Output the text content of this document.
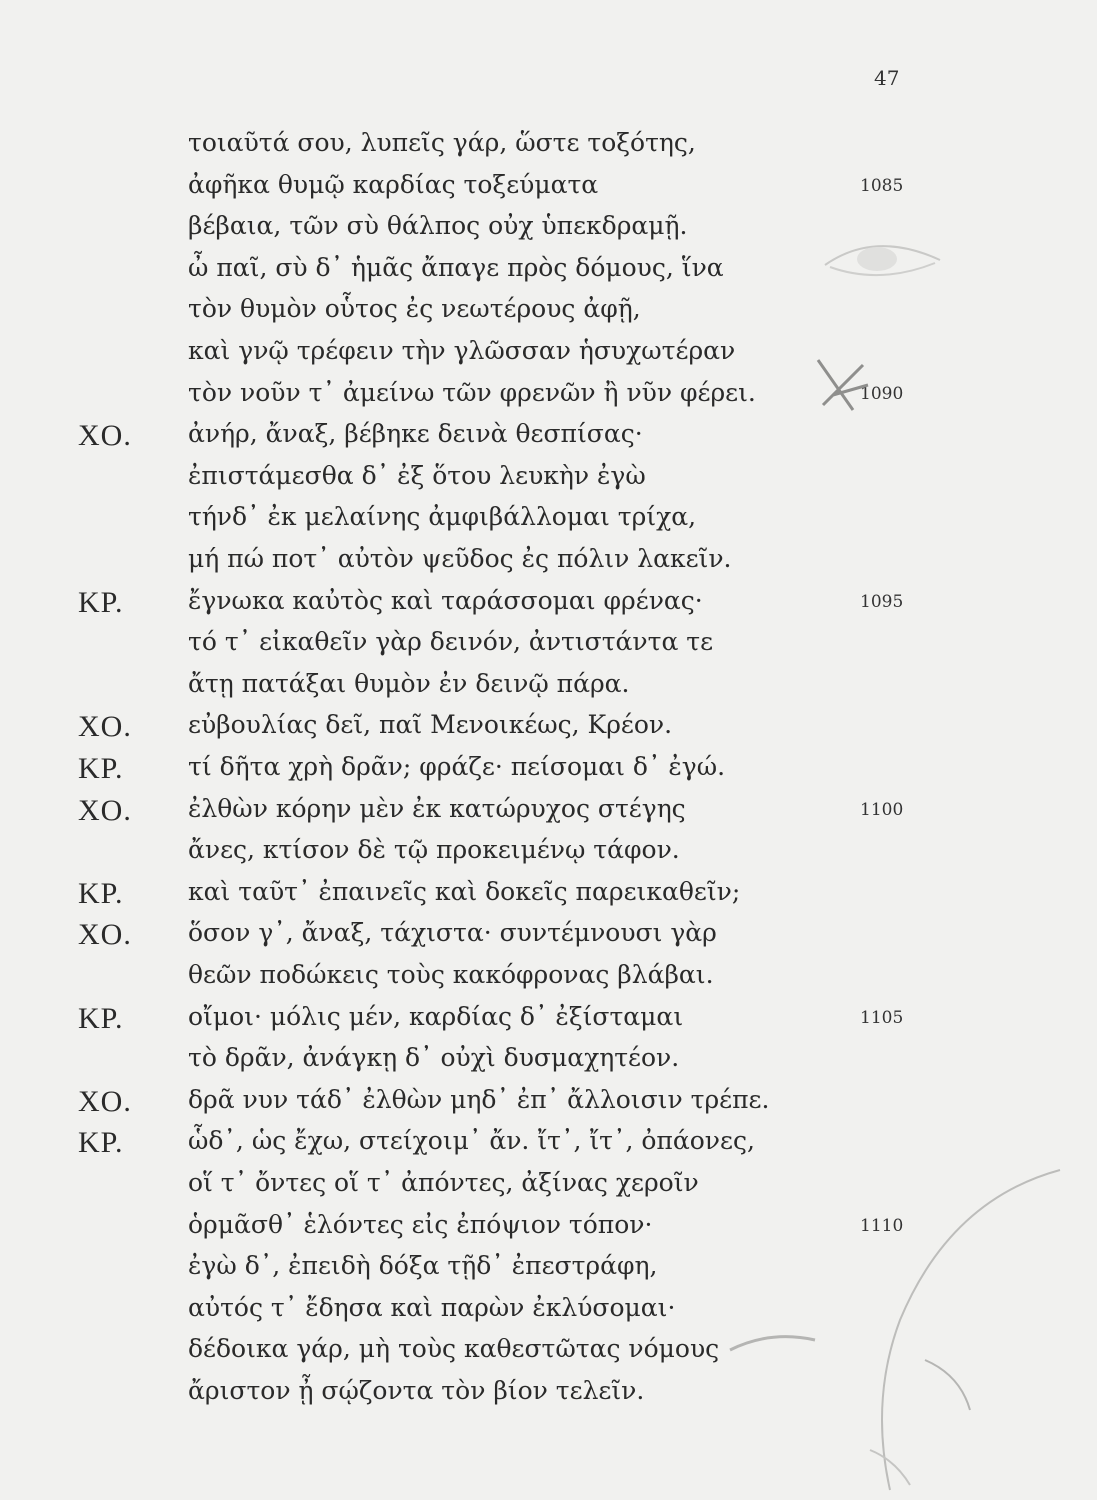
47
τοιαῦτά σου, λυπεῖς γάρ, ὥστε τοξότης,
ἀφῆκα θυμῷ καρδίας τοξεύματα	1085
βέβαια, τῶν σὺ θάλπος οὐχ ὑπεκδραμῇ.
ὦ παῖ, σὺ δ᾽ ἡμᾶς ἄπαγε πρὸς δόμους, ἵνα
τὸν θυμὸν οὗτος ἐς νεωτέρους ἀφῇ,
καὶ γνῷ τρέφειν τὴν γλῶσσαν ἡσυχωτέραν
τὸν νοῦν τ᾽ ἀμείνω τῶν φρενῶν ἢ νῦν φέρει.	1090
ΧΟ. ἀνήρ, ἄναξ, βέβηκε δεινὰ θεσπίσας·
ἐπιστάμεσθα δ᾽ ἐξ ὅτου λευκὴν ἐγὼ
τήνδ᾽ ἐκ μελαίνης ἀμφιβάλλομαι τρίχα,
μή πώ ποτ᾽ αὐτὸν ψεῦδος ἐς πόλιν λακεῖν.
ΚΡ.	ἔγνωκα καὐτὸς καὶ ταράσσομαι φρένας·	1095
τό τ᾽ εἰκαθεῖν γὰρ δεινόν, ἀντιστάντα τε
ἄτῃ πατάξαι θυμὸν ἐν δεινῷ πάρα.
ΧΟ. εὐβουλίας δεῖ, παῖ Μενοικέως, Κρέον.
ΚΡ.	τί δῆτα χρὴ δρᾶν; φράζε· πείσομαι δ᾽ ἐγώ.
ΧΟ. ἐλθὼν κόρην μὲν ἐκ κατώρυχος στέγης	1100
ἄνες, κτίσον δὲ τῷ προκειμένῳ τάφον.
ΚΡ.	καὶ ταῦτ᾽ ἐπαινεῖς καὶ δοκεῖς παρεικαθεῖν;
ΧΟ. ὅσον γ᾽, ἄναξ, τάχιστα· συντέμνουσι γὰρ
θεῶν ποδώκεις τοὺς κακόφρονας βλάβαι.
ΚΡ.	οἴμοι· μόλις μέν, καρδίας δ᾽ ἐξίσταμαι	1105
τὸ δρᾶν, ἀνάγκῃ δ᾽ οὐχὶ δυσμαχητέον.
ΧΟ. δρᾶ νυν τάδ᾽ ἐλθὼν μηδ᾽ ἐπ᾽ ἄλλοισιν τρέπε.
ΚΡ.	ὧδ᾽, ὡς ἔχω, στείχοιμ᾽ ἄν. ἴτ᾽, ἴτ᾽, ὀπάονες,
οἵ τ᾽ ὄντες οἵ τ᾽ ἀπόντες, ἀξίνας χεροῖν
ὁρμᾶσθ᾽ ἑλόντες εἰς ἐπόψιον τόπον·	1110
ἐγὼ δ᾽, ἐπειδὴ δόξα τῇδ᾽ ἐπεστράφη,
αὐτός τ᾽ ἔδησα καὶ παρὼν ἐκλύσομαι·
δέδοικα γάρ, μὴ τοὺς καθεστῶτας νόμους
ἄριστον ᾖ σῴζοντα τὸν βίον τελεῖν.
